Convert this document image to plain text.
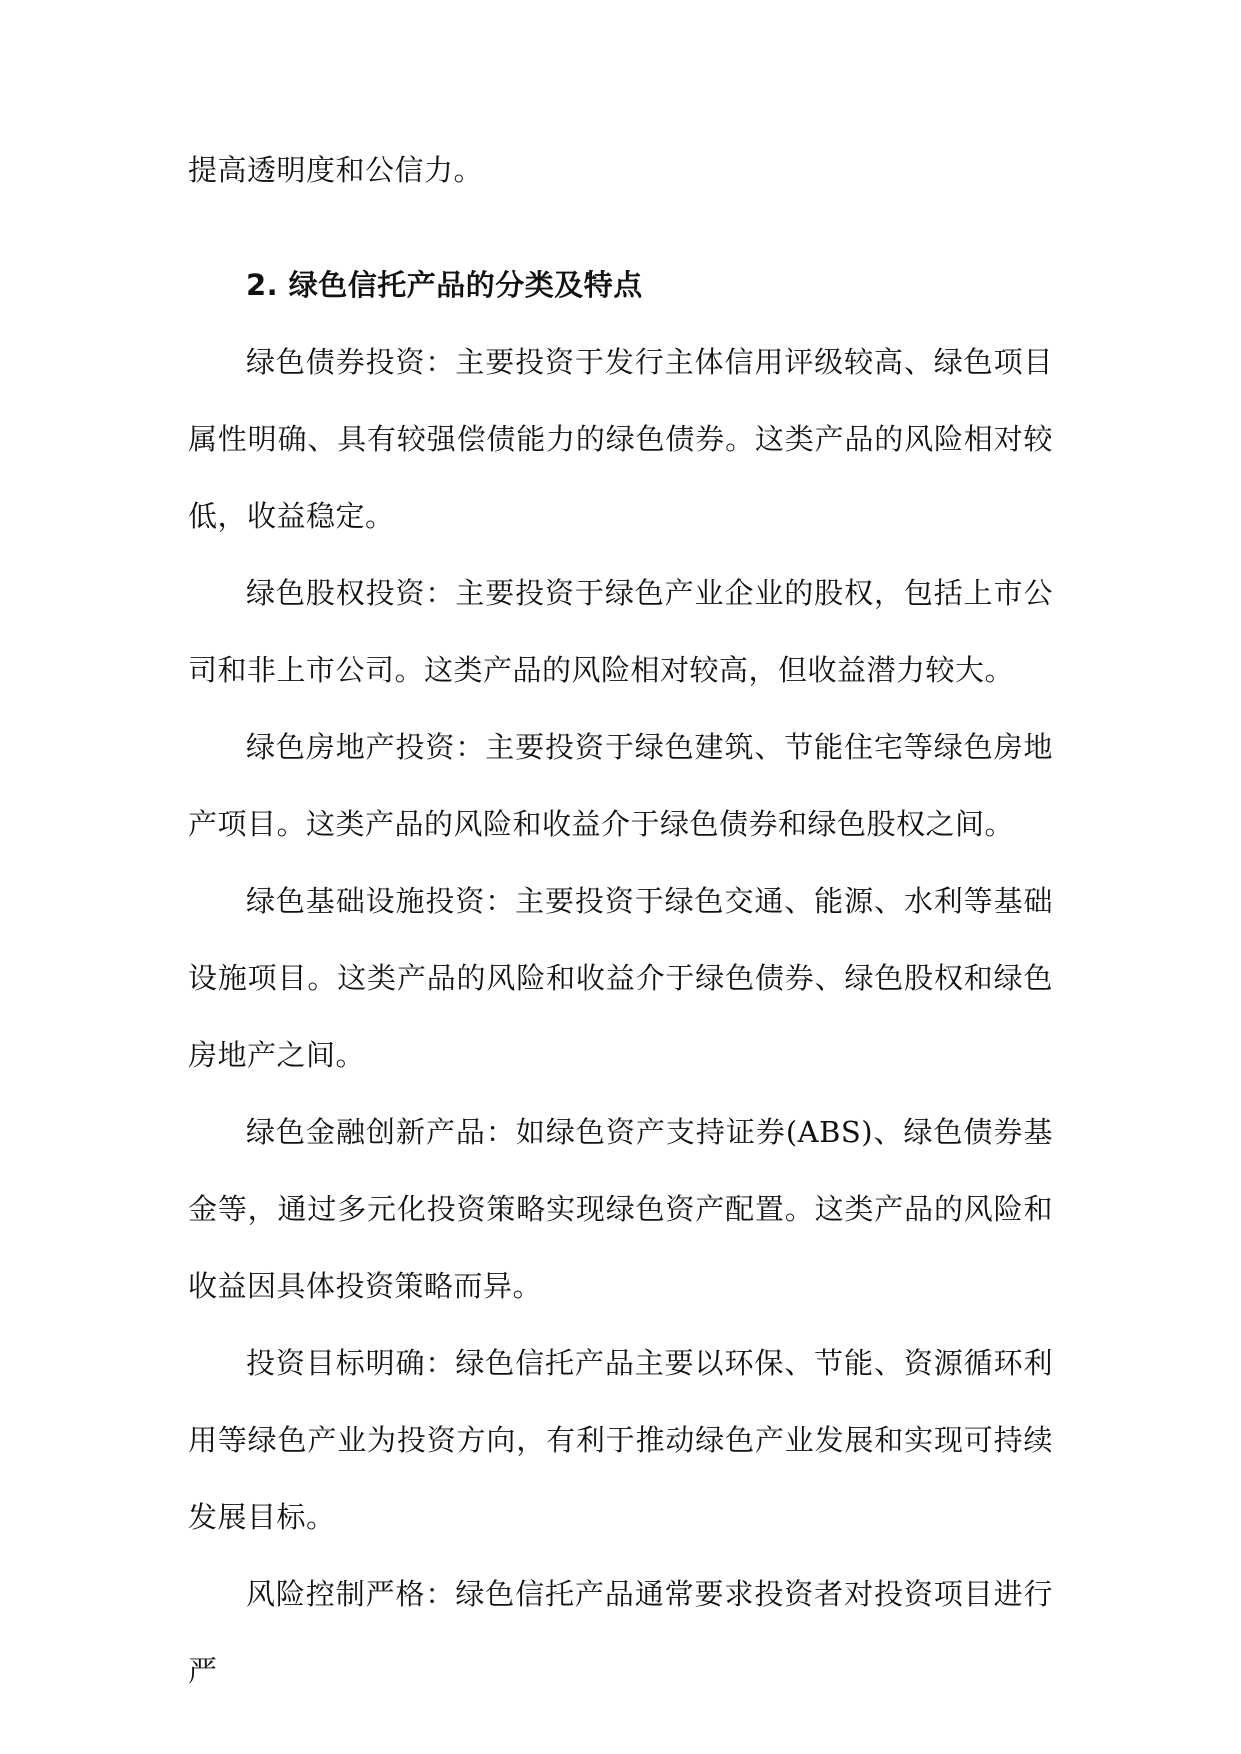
提高透明度和公信力。

2. 绿色信托产品的分类及特点

绿色债券投资：主要投资于发行主体信用评级较高、绿色项目属性明确、具有较强偿债能力的绿色债券。这类产品的风险相对较低，收益稳定。

绿色股权投资：主要投资于绿色产业企业的股权，包括上市公司和非上市公司。这类产品的风险相对较高，但收益潜力较大。

绿色房地产投资：主要投资于绿色建筑、节能住宅等绿色房地产项目。这类产品的风险和收益介于绿色债券和绿色股权之间。

绿色基础设施投资：主要投资于绿色交通、能源、水利等基础设施项目。这类产品的风险和收益介于绿色债券、绿色股权和绿色房地产之间。

绿色金融创新产品：如绿色资产支持证券(ABS)、绿色债券基金等，通过多元化投资策略实现绿色资产配置。这类产品的风险和收益因具体投资策略而异。

投资目标明确：绿色信托产品主要以环保、节能、资源循环利用等绿色产业为投资方向，有利于推动绿色产业发展和实现可持续发展目标。

风险控制严格：绿色信托产品通常要求投资者对投资项目进行严
